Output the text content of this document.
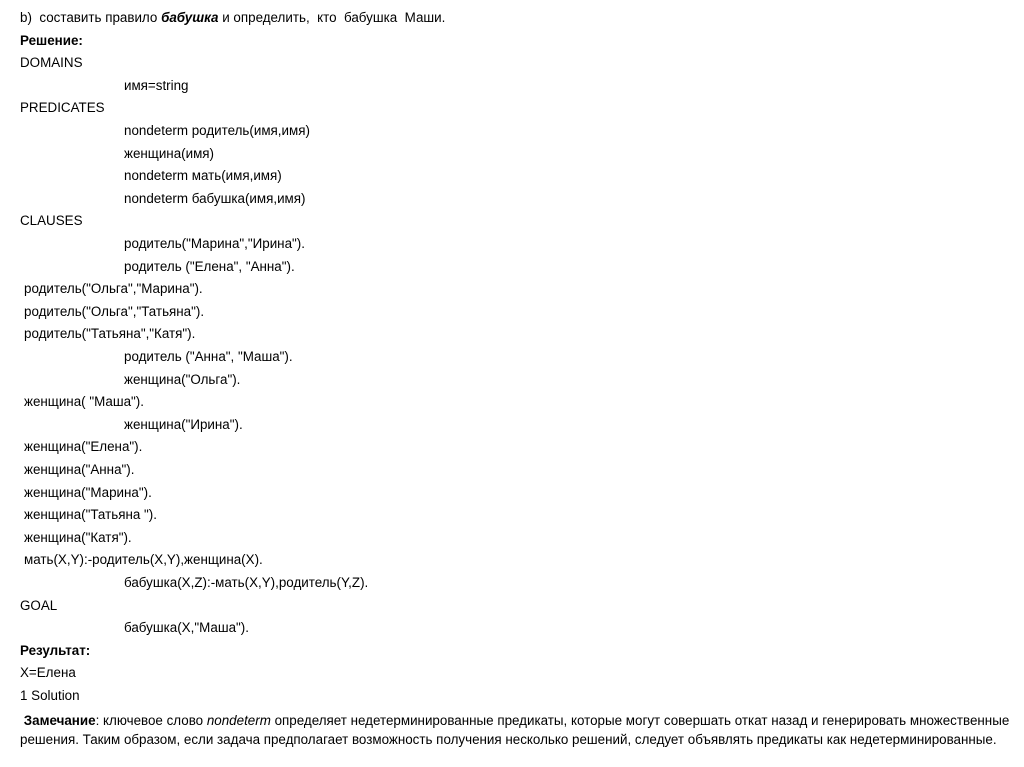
b)  составить правило бабушка и определить,  кто  бабушка  Маши.
Решение:
DOMAINS
имя=string
PREDICATES
nondeterm родитель(имя,имя)
женщина(имя)
nondeterm мать(имя,имя)
nondeterm бабушка(имя,имя)
CLAUSES
родитель("Марина","Ирина").
родитель ("Елена", "Анна").
родитель("Ольга","Марина").
родитель("Ольга","Татьяна").
родитель("Татьяна","Катя").
родитель ("Анна", "Маша").
женщина("Ольга").
женщина( "Маша").
женщина("Ирина").
женщина("Елена").
женщина("Анна").
женщина("Марина").
женщина("Татьяна ").
женщина("Катя").
мать(X,Y):-родитель(X,Y),женщина(X).
бабушка(X,Z):-мать(X,Y),родитель(Y,Z).
GOAL
бабушка(X,"Маша").
Результат:
X=Елена
1 Solution
Замечание: ключевое слово nondeterm определяет недетерминированные предикаты, которые могут совершать откат назад и генерировать множественные решения. Таким образом, если задача предполагает возможность получения несколько решений, следует объявлять предикаты как недетерминированные.
